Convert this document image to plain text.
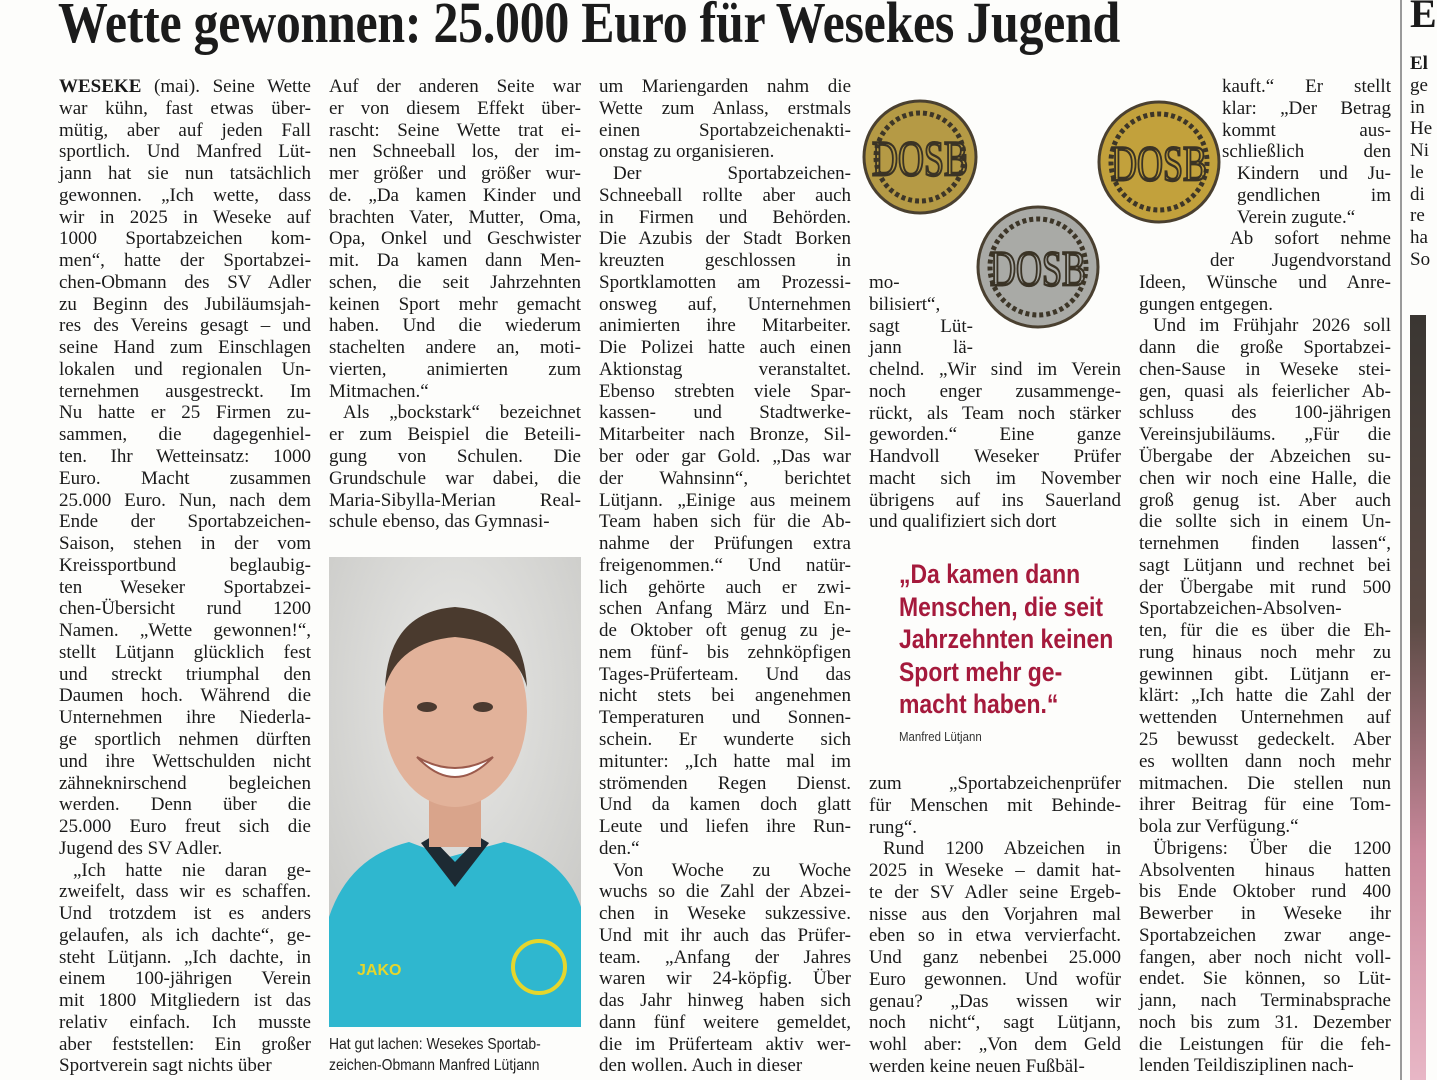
Wette gewonnen: 25.000 Euro für Wesekes Jugend
WESEKE (mai). Seine Wette
war kühn, fast etwas über-
mütig, aber auf jeden Fall
sportlich. Und Manfred Lüt-
jann hat sie nun tatsächlich
gewonnen. „Ich wette, dass
wir in 2025 in Weseke auf
1000 Sportabzeichen kom-
men“, hatte der Sportabzei-
chen-Obmann des SV Adler
zu Beginn des Jubiläumsjah-
res des Vereins gesagt – und
seine Hand zum Einschlagen
lokalen und regionalen Un-
ternehmen ausgestreckt. Im
Nu hatte er 25 Firmen zu-
sammen, die dagegenhiel-
ten. Ihr Wetteinsatz: 1000
Euro. Macht zusammen
25.000 Euro. Nun, nach dem
Ende der Sportabzeichen-
Saison, stehen in der vom
Kreissportbund beglaubig-
ten Weseker Sportabzei-
chen-Übersicht rund 1200
Namen. „Wette gewonnen!“,
stellt Lütjann glücklich fest
und streckt triumphal den
Daumen hoch. Während die
Unternehmen ihre Niederla-
ge sportlich nehmen dürften
und ihre Wettschulden nicht
zähneknirschend begleichen
werden. Denn über die
25.000 Euro freut sich die
Jugend des SV Adler.
„Ich hatte nie daran ge-
zweifelt, dass wir es schaffen.
Und trotzdem ist es anders
gelaufen, als ich dachte“, ge-
steht Lütjann. „Ich dachte, in
einem 100-jährigen Verein
mit 1800 Mitgliedern ist das
relativ einfach. Ich musste
aber feststellen: Ein großer
Sportverein sagt nichts über
Auf der anderen Seite war
er von diesem Effekt über-
rascht: Seine Wette trat ei-
nen Schneeball los, der im-
mer größer und größer wur-
de. „Da kamen Kinder und
brachten Vater, Mutter, Oma,
Opa, Onkel und Geschwister
mit. Da kamen dann Men-
schen, die seit Jahrzehnten
keinen Sport mehr gemacht
haben. Und die wiederum
stachelten andere an, moti-
vierten, animierten zum
Mitmachen.“
Als „bockstark“ bezeichnet
er zum Beispiel die Beteili-
gung von Schulen. Die
Grundschule war dabei, die
Maria-Sibylla-Merian Real-
schule ebenso, das Gymnasi-
um Mariengarden nahm die
Wette zum Anlass, erstmals
einen Sportabzeichenakti-
onstag zu organisieren.
Der Sportabzeichen-
Schneeball rollte aber auch
in Firmen und Behörden.
Die Azubis der Stadt Borken
kreuzten geschlossen in
Sportklamotten am Prozessi-
onsweg auf, Unternehmen
animierten ihre Mitarbeiter.
Die Polizei hatte auch einen
Aktionstag veranstaltet.
Ebenso strebten viele Spar-
kassen- und Stadtwerke-
Mitarbeiter nach Bronze, Sil-
ber oder gar Gold. „Das war
der Wahnsinn“, berichtet
Lütjann. „Einige aus meinem
Team haben sich für die Ab-
nahme der Prüfungen extra
freigenommen.“ Und natür-
lich gehörte auch er zwi-
schen Anfang März und En-
de Oktober oft genug zu je-
nem fünf- bis zehnköpfigen
Tages-Prüferteam. Und das
nicht stets bei angenehmen
Temperaturen und Sonnen-
schein. Er wunderte sich
mitunter: „Ich hatte mal im
strömenden Regen Dienst.
Und da kamen doch glatt
Leute und liefen ihre Run-
den.“
Von Woche zu Woche
wuchs so die Zahl der Abzei-
chen in Weseke sukzessive.
Und mit ihr auch das Prüfer-
team. „Anfang der Jahres
waren wir 24-köpfig. Über
das Jahr hinweg haben sich
dann fünf weitere gemeldet,
die im Prüferteam aktiv wer-
den wollen. Auch in dieser
mo-
bilisiert“,
sagt Lüt-
jann lä-
chelnd. „Wir sind im Verein
noch enger zusammenge-
rückt, als Team noch stärker
geworden.“ Eine ganze
Handvoll Weseker Prüfer
macht sich im November
übrigens auf ins Sauerland
und qualifiziert sich dort
zum „Sportabzeichenprüfer
für Menschen mit Behinde-
rung“.
Rund 1200 Abzeichen in
2025 in Weseke – damit hat-
te der SV Adler seine Ergeb-
nisse aus den Vorjahren mal
eben so in etwa vervierfacht.
Und ganz nebenbei 25.000
Euro gewonnen. Und wofür
genau? „Das wissen wir
noch nicht“, sagt Lütjann,
wohl aber: „Von dem Geld
werden keine neuen Fußbäl-
kauft.“ Er stellt
klar: „Der Betrag
kommt aus-
schließlich den
Kindern und Ju-
gendlichen im
Verein zugute.“
Ab sofort nehme
der Jugendvorstand
Ideen, Wünsche und Anre-
gungen entgegen.
Und im Frühjahr 2026 soll
dann die große Sportabzei-
chen-Sause in Weseke stei-
gen, quasi als feierlicher Ab-
schluss des 100-jährigen
Vereinsjubiläums. „Für die
Übergabe der Abzeichen su-
chen wir noch eine Halle, die
groß genug ist. Aber auch
die sollte sich in einem Un-
ternehmen finden lassen“,
sagt Lütjann und rechnet bei
der Übergabe mit rund 500
Sportabzeichen-Absolven-
ten, für die es über die Eh-
rung hinaus noch mehr zu
gewinnen gibt. Lütjann er-
klärt: „Ich hatte die Zahl der
wettenden Unternehmen auf
25 bewusst gedeckelt. Aber
es wollten dann noch mehr
mitmachen. Die stellen nun
ihrer Beitrag für eine Tom-
bola zur Verfügung.“
Übrigens: Über die 1200
Absolventen hinaus hatten
bis Ende Oktober rund 400
Bewerber in Weseke ihr
Sportabzeichen zwar ange-
fangen, aber noch nicht voll-
endet. Sie können, so Lüt-
jann, nach Terminabsprache
noch bis zum 31. Dezember
die Leistungen für die feh-
lenden Teildisziplinen nach-
JAKO
Hat gut lachen: Wesekes Sportab-
zeichen-Obmann Manfred Lütjann
DOSB
DOSB
DOSB
„Da kamen dann
Menschen, die seit
Jahrzehnten keinen
Sport mehr ge-
macht haben.“
Manfred Lütjann
E
El
ge
in
He
Ni
le
di
re
ha
So
